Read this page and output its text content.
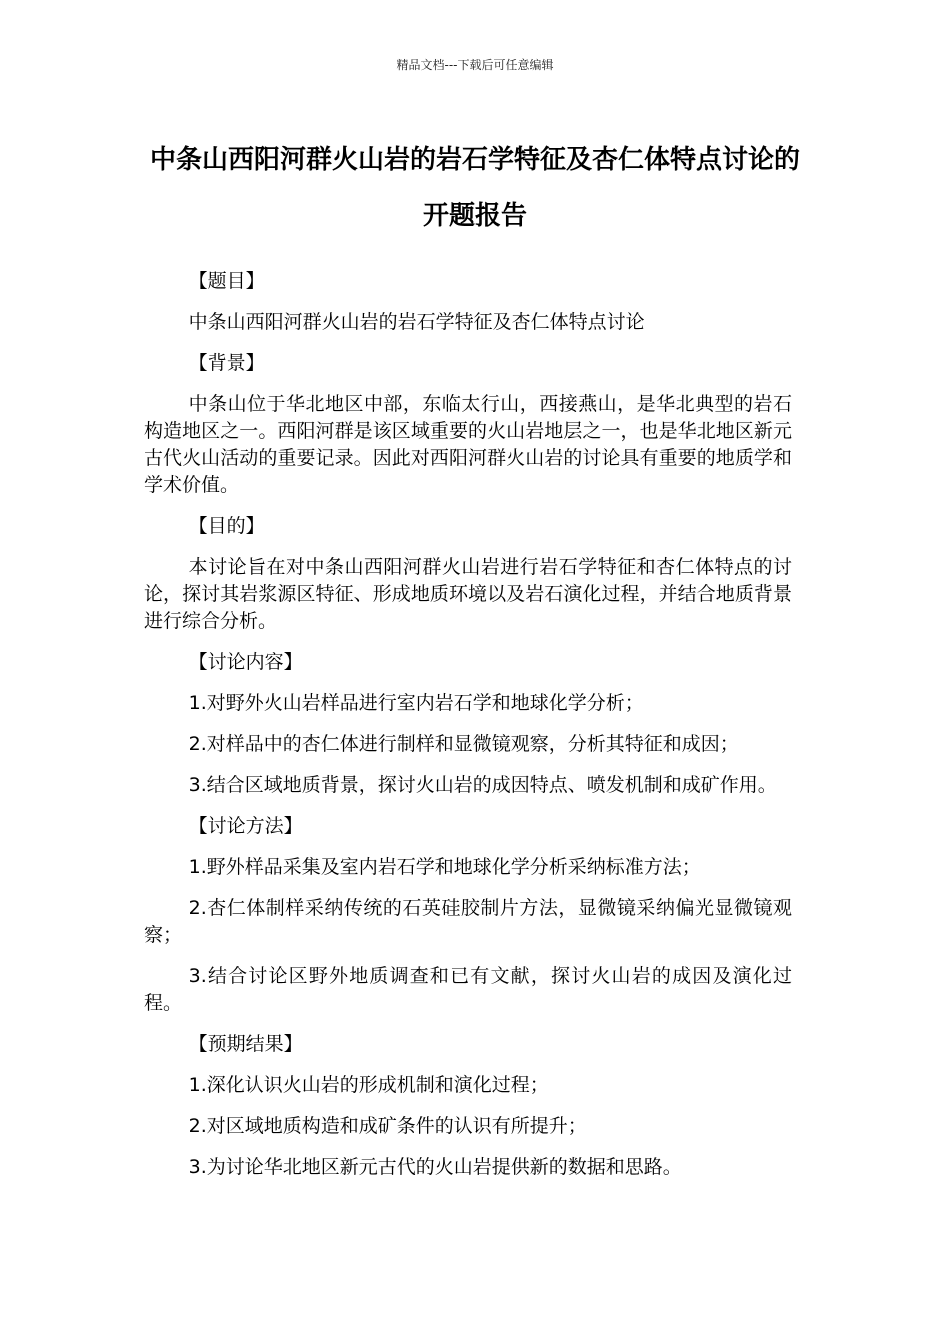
精品文档---下载后可任意编辑
中条山西阳河群火山岩的岩石学特征及杏仁体特点讨论的开题报告
【题目】

中条山西阳河群火山岩的岩石学特征及杏仁体特点讨论

【背景】

中条山位于华北地区中部，东临太行山，西接燕山，是华北典型的岩石构造地区之一。西阳河群是该区域重要的火山岩地层之一，也是华北地区新元古代火山活动的重要记录。因此对西阳河群火山岩的讨论具有重要的地质学和学术价值。

【目的】

本讨论旨在对中条山西阳河群火山岩进行岩石学特征和杏仁体特点的讨论，探讨其岩浆源区特征、形成地质环境以及岩石演化过程，并结合地质背景进行综合分析。

【讨论内容】

1.对野外火山岩样品进行室内岩石学和地球化学分析；

2.对样品中的杏仁体进行制样和显微镜观察，分析其特征和成因；

3.结合区域地质背景，探讨火山岩的成因特点、喷发机制和成矿作用。

【讨论方法】

1.野外样品采集及室内岩石学和地球化学分析采纳标准方法；

2.杏仁体制样采纳传统的石英硅胶制片方法，显微镜采纳偏光显微镜观察；

3.结合讨论区野外地质调查和已有文献，探讨火山岩的成因及演化过程。

【预期结果】

1.深化认识火山岩的形成机制和演化过程；

2.对区域地质构造和成矿条件的认识有所提升；

3.为讨论华北地区新元古代的火山岩提供新的数据和思路。
